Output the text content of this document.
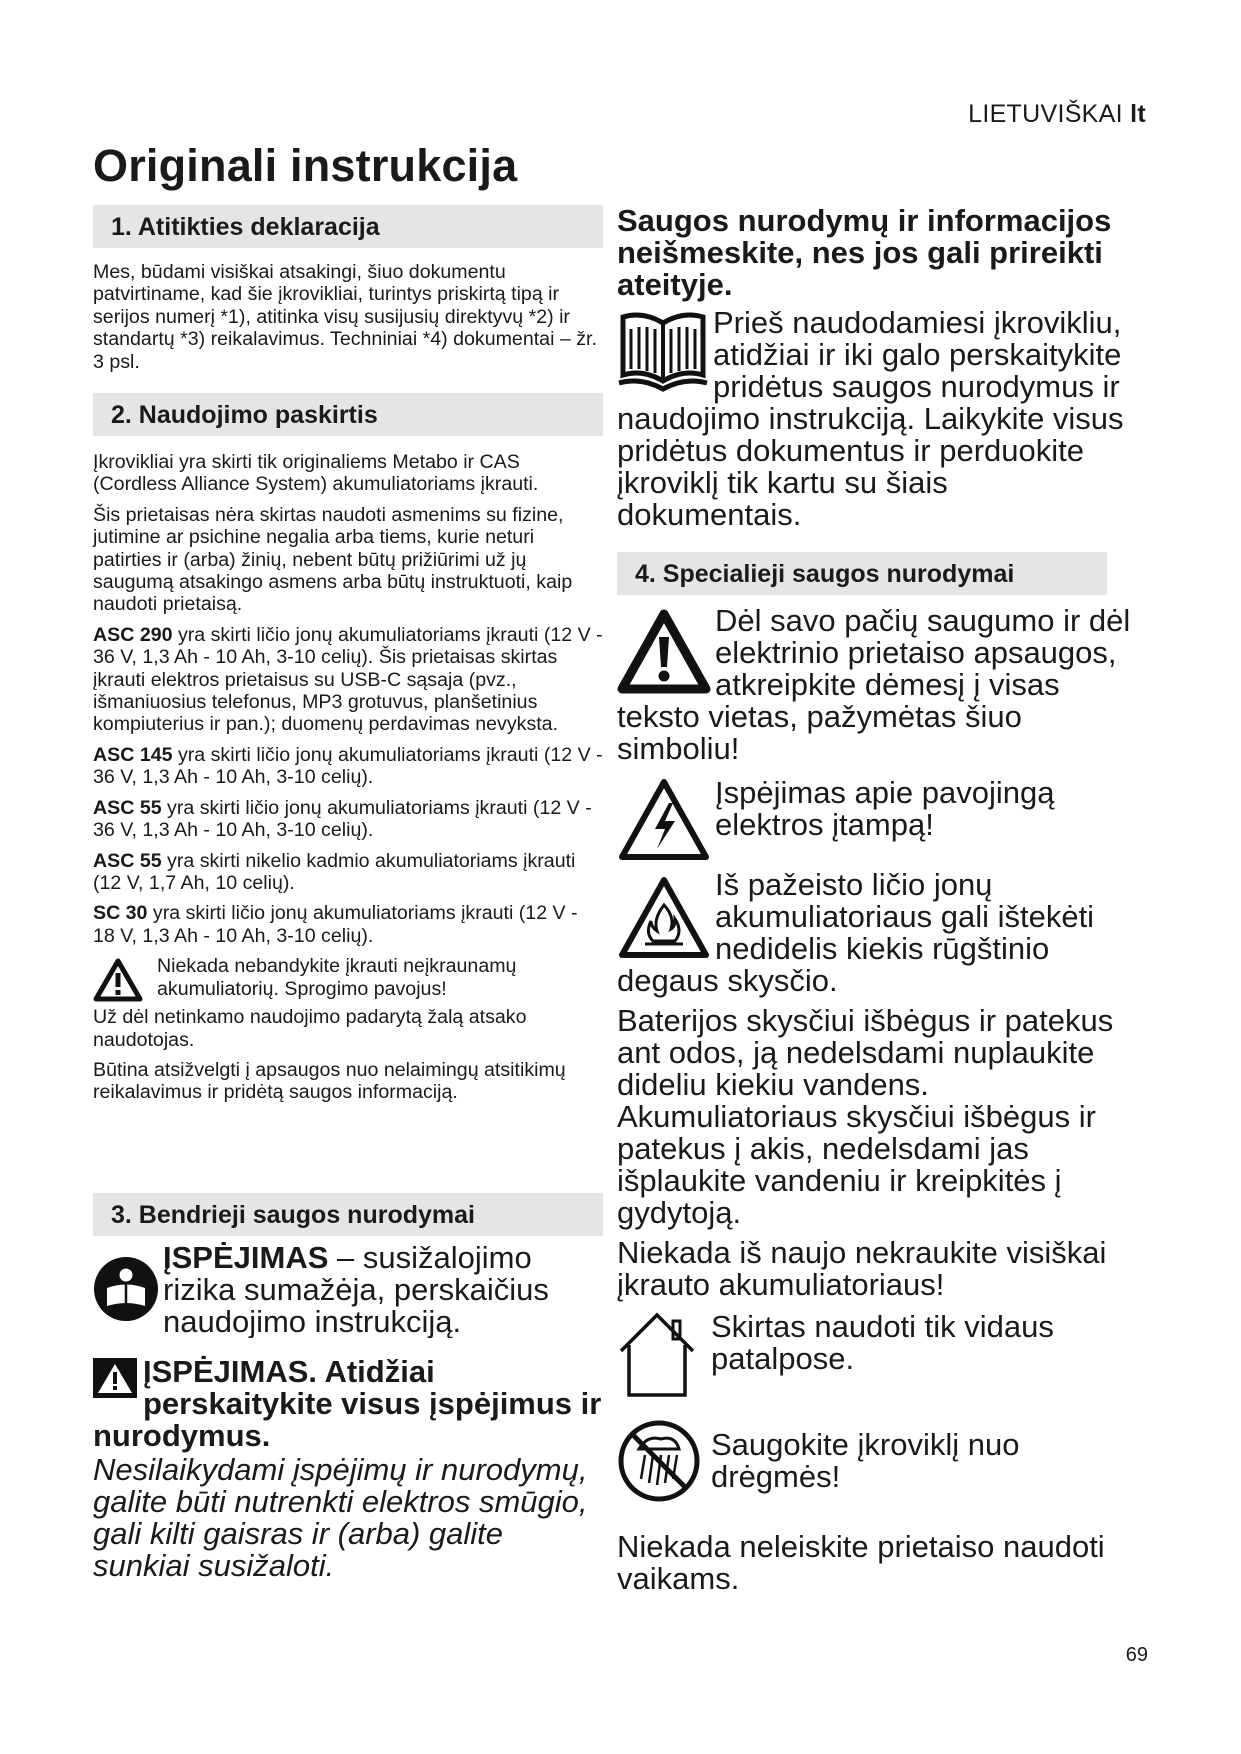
LIETUVIŠKAI lt
Originali instrukcija
1. Atitikties deklaracija

Mes, būdami visiškai atsakingi, šiuo dokumentu patvirtiname, kad šie įkrovikliai, turintys priskirtą tipą ir serijos numerį *1), atitinka visų susijusių direktyvų *2) ir standartų *3) reikalavimus. Techniniai *4) dokumentai – žr. 3 psl.

2. Naudojimo paskirtis

Įkrovikliai yra skirti tik originaliems Metabo ir CAS (Cordless Alliance System) akumuliatoriams įkrauti.

Šis prietaisas nėra skirtas naudoti asmenims su fizine, jutimine ar psichine negalia arba tiems, kurie neturi patirties ir (arba) žinių, nebent būtų prižiūrimi už jų saugumą atsakingo asmens arba būtų instruktuoti, kaip naudoti prietaisą.

ASC 290 yra skirti ličio jonų akumuliatoriams įkrauti (12 V - 36 V, 1,3 Ah - 10 Ah, 3-10 celių). Šis prietaisas skirtas įkrauti elektros prietaisus su USB-C sąsaja (pvz., išmaniuosius telefonus, MP3 grotuvus, planšetinius kompiuterius ir pan.); duomenų perdavimas nevyksta.

ASC 145 yra skirti ličio jonų akumuliatoriams įkrauti (12 V - 36 V, 1,3 Ah - 10 Ah, 3-10 celių).

ASC 55 yra skirti ličio jonų akumuliatoriams įkrauti (12 V - 36 V, 1,3 Ah - 10 Ah, 3-10 celių).

ASC 55 yra skirti nikelio kadmio akumuliatoriams įkrauti (12 V, 1,7 Ah, 10 celių).

SC 30 yra skirti ličio jonų akumuliatoriams įkrauti (12 V - 18 V, 1,3 Ah - 10 Ah, 3-10 celių).

Niekada nebandykite įkrauti neįkraunamų akumuliatorių. Sprogimo pavojus!

Už dėl netinkamo naudojimo padarytą žalą atsako naudotojas.

Būtina atsižvelgti į apsaugos nuo nelaimingų atsitikimų reikalavimus ir pridėtą saugos informaciją.

3. Bendrieji saugos nurodymai
ĮSPĖJIMAS – susižalojimo rizika sumažėja, perskaičius naudojimo instrukciją.
ĮSPĖJIMAS. Atidžiai perskaitykite visus įspėjimus ir nurodymus.
Nesilaikydami įspėjimų ir nurodymų, galite būti nutrenkti elektros smūgio, gali kilti gaisras ir (arba) galite sunkiai susižaloti.

Saugos nurodymų ir informacijos neišmeskite, nes jos gali prireikti ateityje.

Prieš naudodamiesi įkrovikliu, atidžiai ir iki galo perskaitykite pridėtus saugos nurodymus ir naudojimo instrukciją. Laikykite visus pridėtus dokumentus ir perduokite įkroviklį tik kartu su šiais dokumentais.

4. Specialieji saugos nurodymai

Dėl savo pačių saugumo ir dėl elektrinio prietaiso apsaugos, atkreipkite dėmesį į visas teksto vietas, pažymėtas šiuo simboliu!

Įspėjimas apie pavojingą elektros įtampą!

Iš pažeisto ličio jonų akumuliatoriaus gali ištekėti nedidelis kiekis rūgštinio degaus skysčio.

Baterijos skysčiui išbėgus ir patekus ant odos, ją nedelsdami nuplaukite dideliu kiekiu vandens. Akumuliatoriaus skysčiui išbėgus ir patekus į akis, nedelsdami jas išplaukite vandeniu ir kreipkitės į gydytoją.

Niekada iš naujo nekraukite visiškai įkrauto akumuliatoriaus!

Skirtas naudoti tik vidaus patalpose.

Saugokite įkroviklį nuo drėgmės!

Niekada neleiskite prietaiso naudoti vaikams.

69
